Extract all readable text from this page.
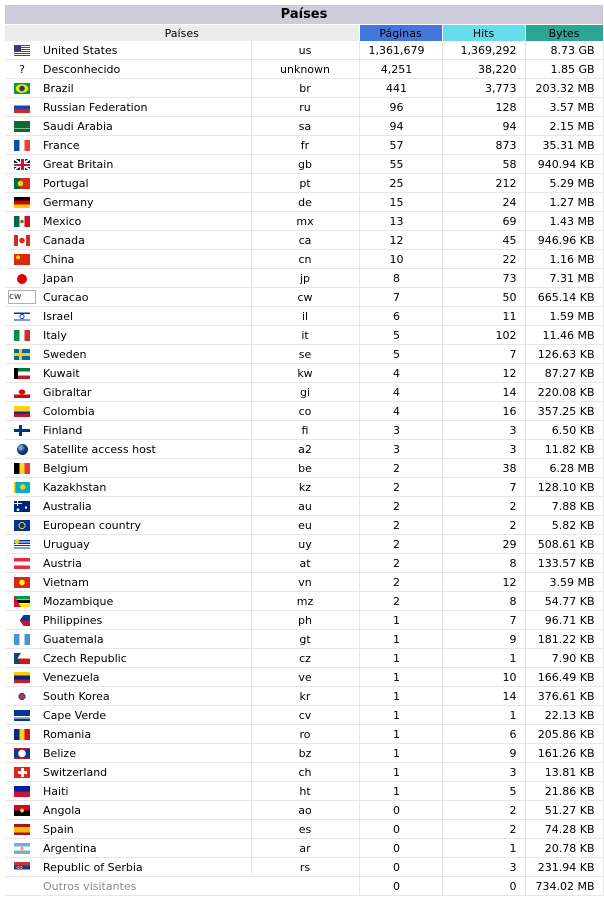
Países					
Países			Páginas	Hits	Bytes
	United States	us	1,361,679	1,369,292	8.73 GB
?	Desconhecido	unknown	4,251	38,220	1.85 GB
	Brazil	br	441	3,773	203.32 MB
	Russian Federation	ru	96	128	3.57 MB
	Saudi Arabia	sa	94	94	2.15 MB
	France	fr	57	873	35.31 MB
	Great Britain	gb	55	58	940.94 KB
	Portugal	pt	25	212	5.29 MB
	Germany	de	15	24	1.27 MB
	Mexico	mx	13	69	1.43 MB
	Canada	ca	12	45	946.96 KB
	China	cn	10	22	1.16 MB
	Japan	jp	8	73	7.31 MB
cw	Curacao	cw	7	50	665.14 KB
	Israel	il	6	11	1.59 MB
	Italy	it	5	102	11.46 MB
	Sweden	se	5	7	126.63 KB
	Kuwait	kw	4	12	87.27 KB
	Gibraltar	gi	4	14	220.08 KB
	Colombia	co	4	16	357.25 KB
	Finland	fi	3	3	6.50 KB
	Satellite access host	a2	3	3	11.82 KB
	Belgium	be	2	38	6.28 MB
	Kazakhstan	kz	2	7	128.10 KB
	Australia	au	2	2	7.88 KB
	European country	eu	2	2	5.82 KB
	Uruguay	uy	2	29	508.61 KB
	Austria	at	2	8	133.57 KB
	Vietnam	vn	2	12	3.59 MB
	Mozambique	mz	2	8	54.77 KB
	Philippines	ph	1	7	96.71 KB
	Guatemala	gt	1	9	181.22 KB
	Czech Republic	cz	1	1	7.90 KB
	Venezuela	ve	1	10	166.49 KB
	South Korea	kr	1	14	376.61 KB
	Cape Verde	cv	1	1	22.13 KB
	Romania	ro	1	6	205.86 KB
	Belize	bz	1	9	161.26 KB
	Switzerland	ch	1	3	13.81 KB
	Haiti	ht	1	5	21.86 KB
	Angola	ao	0	2	51.27 KB
	Spain	es	0	2	74.28 KB
	Argentina	ar	0	1	20.78 KB
	Republic of Serbia	rs	0	3	231.94 KB
	Outros visitantes		0	0	734.02 MB
